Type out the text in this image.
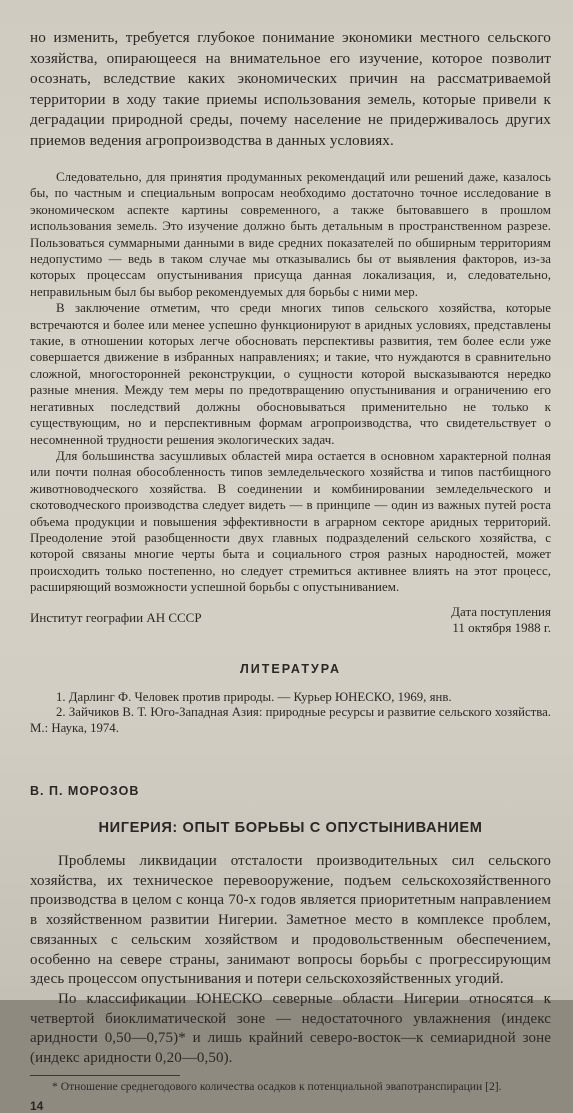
но изменить, требуется глубокое понимание экономики местного сельского хозяйства, опирающееся на внимательное его изучение, которое позволит осознать, вследствие каких экономических причин на рассматриваемой территории в ходу такие приемы использования земель, которые привели к деградации природной среды, почему население не придерживалось других приемов ведения агропроизводства в данных условиях.

Следовательно, для принятия продуманных рекомендаций или решений даже, казалось бы, по частным и специальным вопросам необходимо достаточно точное исследование в экономическом аспекте картины современного, а также бытовавшего в прошлом использования земель. Это изучение должно быть детальным в пространственном разрезе. Пользоваться суммарными данными в виде средних показателей по обширным территориям недопустимо — ведь в таком случае мы отказывались бы от выявления факторов, из-за которых процессам опустынивания присуща данная локализация, и, следовательно, неправильным был бы выбор рекомендуемых для борьбы с ними мер.

В заключение отметим, что среди многих типов сельского хозяйства, которые встречаются и более или менее успешно функционируют в аридных условиях, представлены такие, в отношении которых легче обосновать перспективы развития, тем более если уже совершается движение в избранных направлениях; и такие, что нуждаются в сравнительно сложной, многосторонней реконструкции, о сущности которой высказываются нередко разные мнения. Между тем меры по предотвращению опустынивания и ограничению его негативных последствий должны обосновываться применительно не только к существующим, но и перспективным формам агропроизводства, что свидетельствует о несомненной трудности решения экологических задач.

Для большинства засушливых областей мира остается в основном характерной полная или почти полная обособленность типов земледельческого хозяйства и типов пастбищного животноводческого хозяйства. В соединении и комбинировании земледельческого и скотоводческого производства следует видеть — в принципе — один из важных путей роста объема продукции и повышения эффективности в аграрном секторе аридных территорий. Преодоление этой разобщенности двух главных подразделений сельского хозяйства, с которой связаны многие черты быта и социального строя разных народностей, может происходить только постепенно, но следует стремиться активнее влиять на этот процесс, расширяющий возможности успешной борьбы с опустыниванием.

Институт географии АН СССР	Дата поступления
11 октября 1988 г.
ЛИТЕРАТУРА

1. Дарлинг Ф. Человек против природы. — Курьер ЮНЕСКО, 1969, янв.

2. Зайчиков В. Т. Юго-Западная Азия: природные ресурсы и развитие сельского хозяйства. М.: Наука, 1974.

В. П. МОРОЗОВ
НИГЕРИЯ: ОПЫТ БОРЬБЫ С ОПУСТЫНИВАНИЕМ

Проблемы ликвидации отсталости производительных сил сельского хозяйства, их техническое перевооружение, подъем сельскохозяйственного производства в целом с конца 70-х годов является приоритетным направлением в хозяйственном развитии Нигерии. Заметное место в комплексе проблем, связанных с сельским хозяйством и продовольственным обеспечением, особенно на севере страны, занимают вопросы борьбы с прогрессирующим здесь процессом опустынивания и потери сельскохозяйственных угодий.

По классификации ЮНЕСКО северные области Нигерии относятся к четвертой биоклиматической зоне — недостаточного увлажнения (индекс аридности 0,50—0,75)* и лишь крайний северо-восток—к семиаридной зоне (индекс аридности 0,20—0,50).

* Отношение среднегодового количества осадков к потенциальной эвапотранспирации [2].

14
